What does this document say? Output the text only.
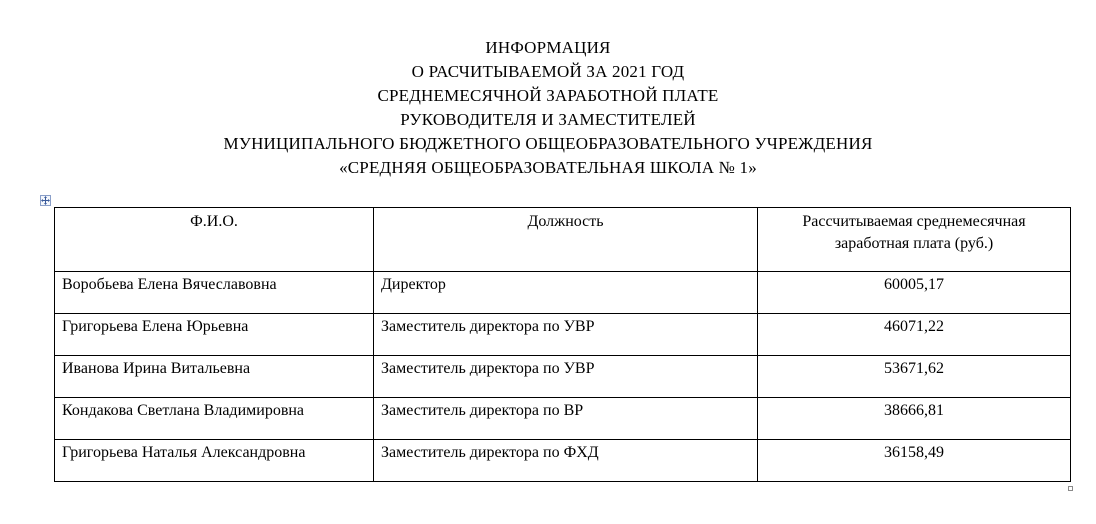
ИНФОРМАЦИЯ
О РАСЧИТЫВАЕМОЙ ЗА 2021 ГОД
СРЕДНЕМЕСЯЧНОЙ ЗАРАБОТНОЙ ПЛАТЕ
РУКОВОДИТЕЛЯ И ЗАМЕСТИТЕЛЕЙ
МУНИЦИПАЛЬНОГО БЮДЖЕТНОГО ОБЩЕОБРАЗОВАТЕЛЬНОГО УЧРЕЖДЕНИЯ
«СРЕДНЯЯ ОБЩЕОБРАЗОВАТЕЛЬНАЯ ШКОЛА № 1»
Ф.И.О.	Должность	Рассчитываемая среднемесячная
заработная плата (руб.)

Воробьева Елена Вячеславовна	Директор	60005,17

Григорьева Елена Юрьевна	Заместитель директора по УВР	46071,22

Иванова Ирина Витальевна	Заместитель директора по УВР	53671,62

Кондакова Светлана Владимировна	Заместитель директора по ВР	38666,81

Григорьева Наталья Александровна	Заместитель директора по ФХД	36158,49
